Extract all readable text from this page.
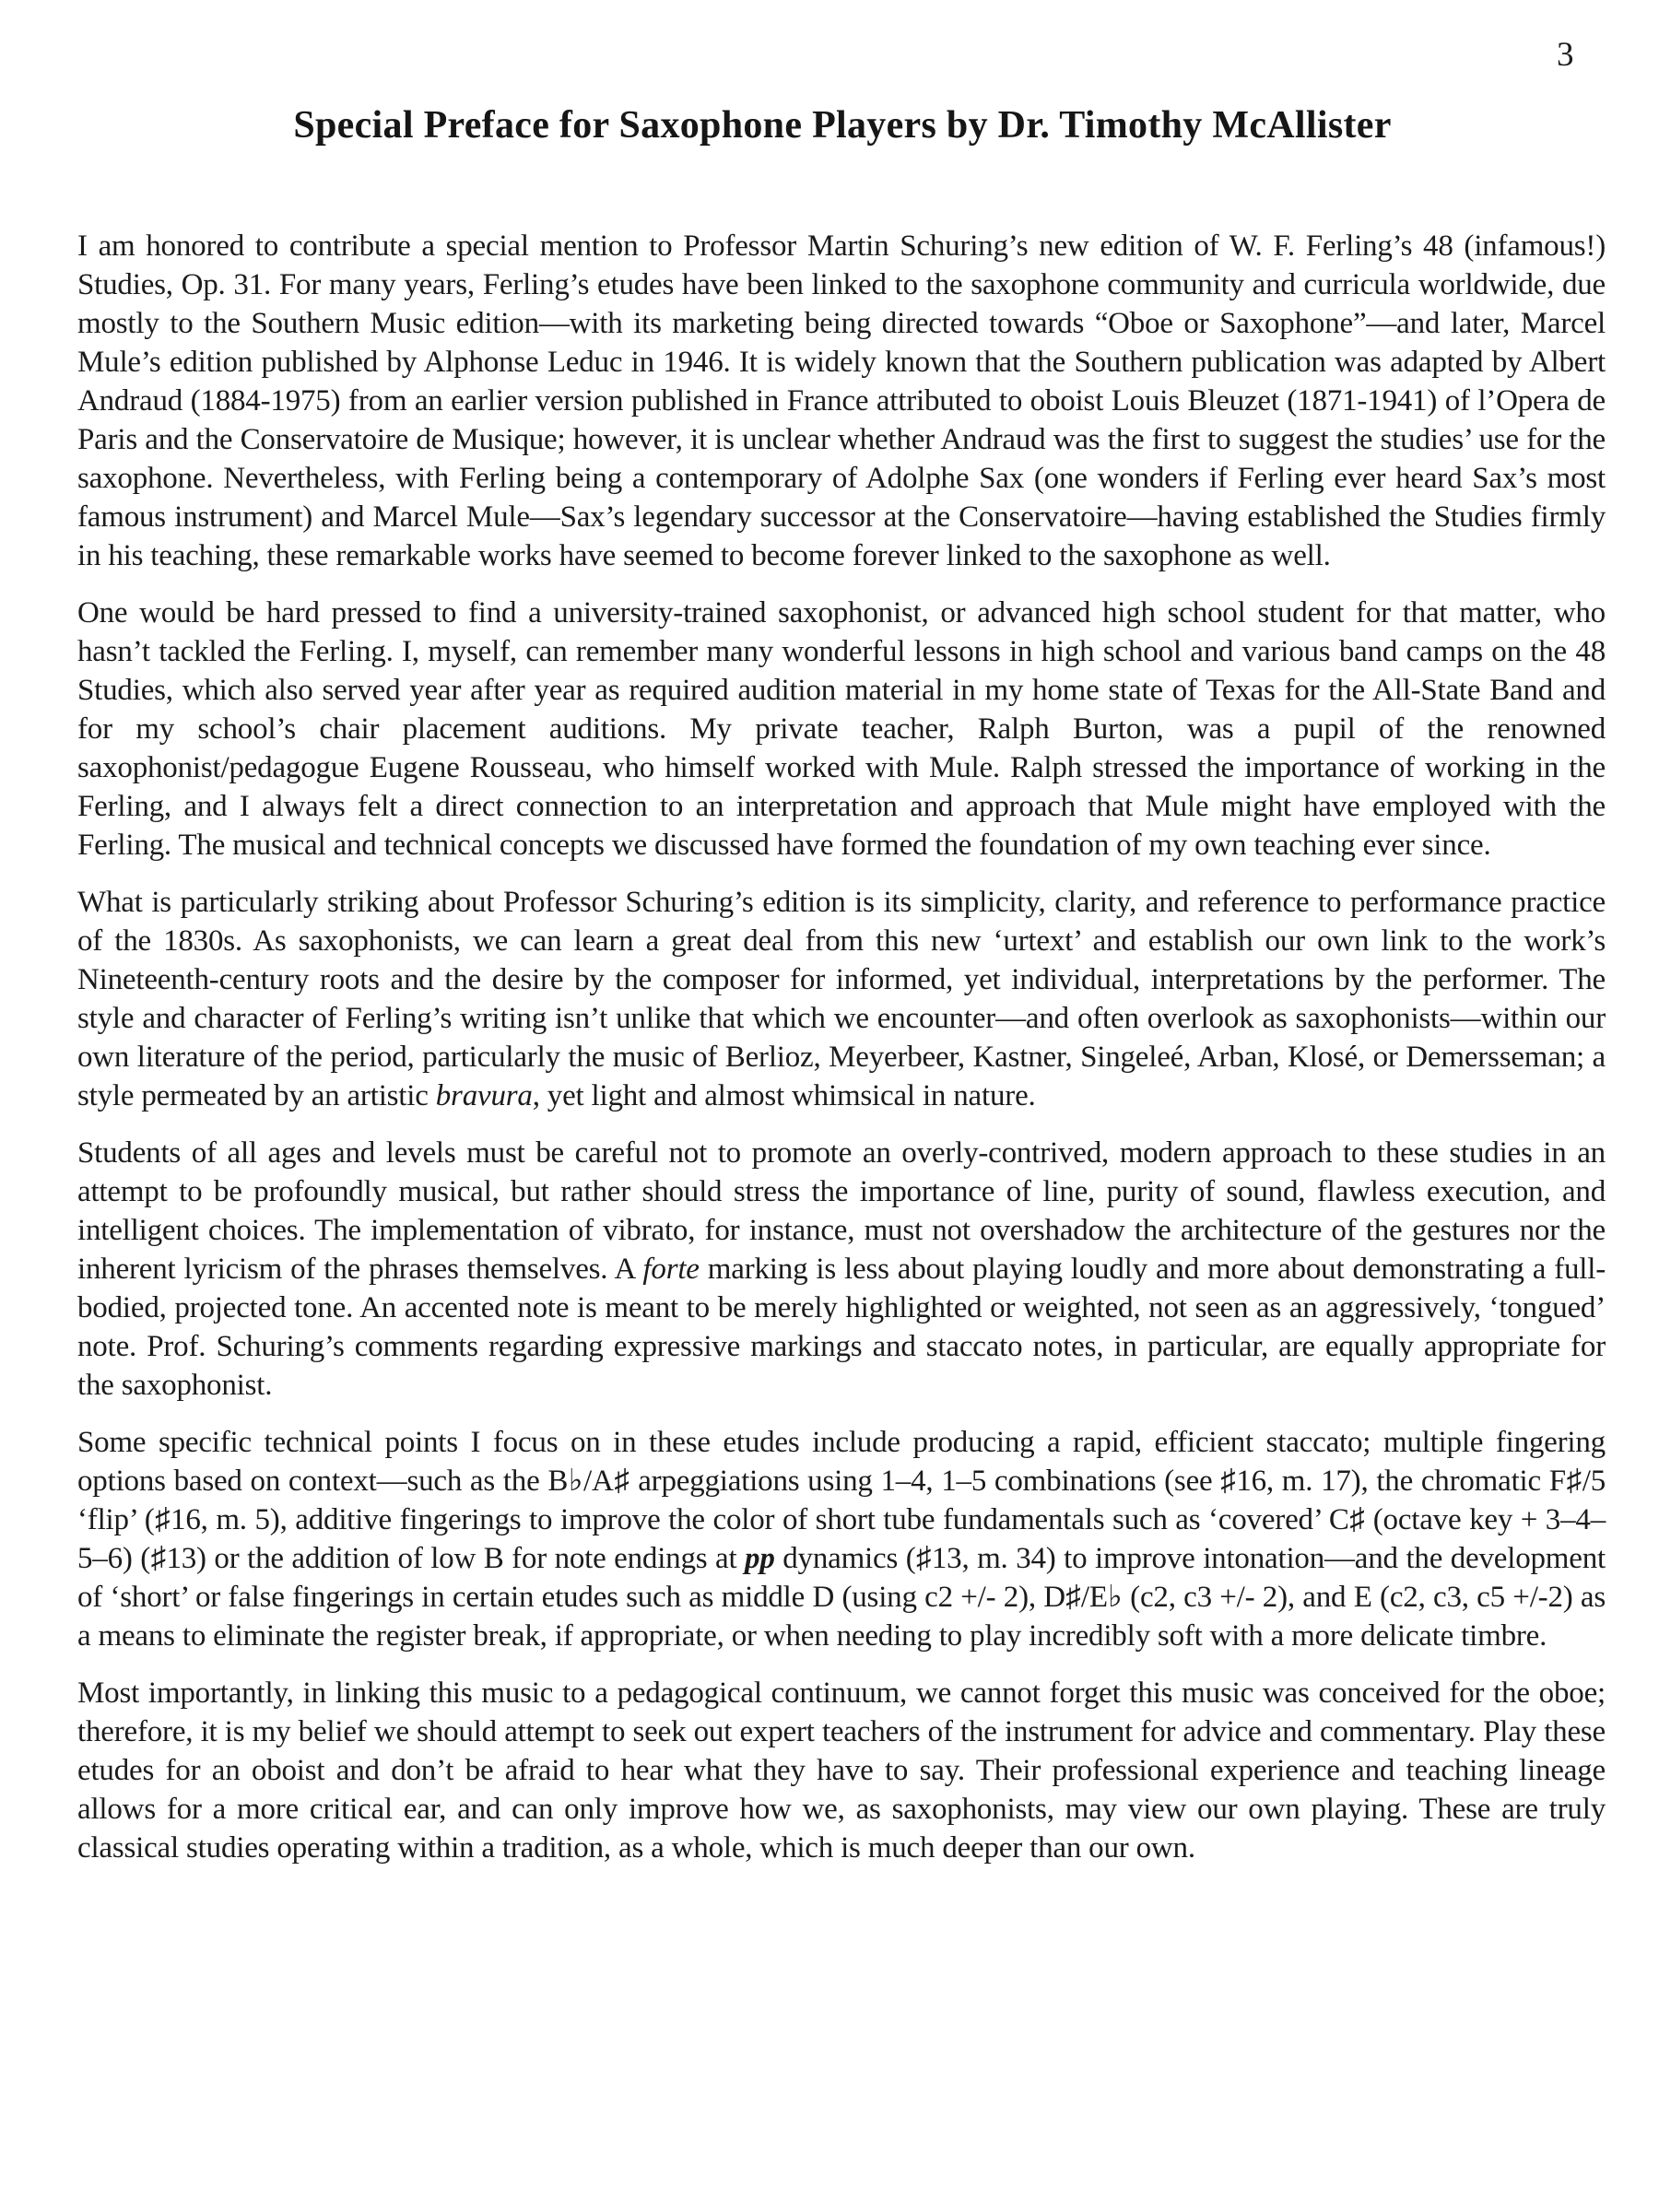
3
Special Preface for Saxophone Players by Dr. Timothy McAllister

I am honored to contribute a special mention to Professor Martin Schuring’s new edition of W. F. Ferling’s 48 (infamous!) Studies, Op. 31. For many years, Ferling’s etudes have been linked to the saxophone community and curricula worldwide, due mostly to the Southern Music edition—with its marketing being directed towards “Oboe or Saxophone”—and later, Marcel Mule’s edition published by Alphonse Leduc in 1946. It is widely known that the Southern publication was adapted by Albert Andraud (1884-1975) from an earlier version published in France attributed to oboist Louis Bleuzet (1871-1941) of l’Opera de Paris and the Conservatoire de Musique; however, it is unclear whether Andraud was the first to suggest the studies’ use for the saxophone. Nevertheless, with Ferling being a contemporary of Adolphe Sax (one wonders if Ferling ever heard Sax’s most famous instrument) and Marcel Mule—Sax’s legendary successor at the Conservatoire—having established the Studies firmly in his teaching, these remarkable works have seemed to become forever linked to the saxophone as well.

One would be hard pressed to find a university-trained saxophonist, or advanced high school student for that matter, who hasn’t tackled the Ferling. I, myself, can remember many wonderful lessons in high school and various band camps on the 48 Studies, which also served year after year as required audition material in my home state of Texas for the All-State Band and for my school’s chair placement auditions. My private teacher, Ralph Burton, was a pupil of the renowned saxophonist/pedagogue Eugene Rousseau, who himself worked with Mule. Ralph stressed the importance of working in the Ferling, and I always felt a direct connection to an interpretation and approach that Mule might have employed with the Ferling. The musical and technical concepts we discussed have formed the foundation of my own teaching ever since.

What is particularly striking about Professor Schuring’s edition is its simplicity, clarity, and reference to performance practice of the 1830s. As saxophonists, we can learn a great deal from this new ‘urtext’ and establish our own link to the work’s Nineteenth-century roots and the desire by the composer for informed, yet individual, interpretations by the performer. The style and character of Ferling’s writing isn’t unlike that which we encounter—and often overlook as saxophonists—within our own literature of the period, particularly the music of Berlioz, Meyerbeer, Kastner, Singeleé, Arban, Klosé, or Demersseman; a style permeated by an artistic bravura, yet light and almost whimsical in nature.

Students of all ages and levels must be careful not to promote an overly-contrived, modern approach to these studies in an attempt to be profoundly musical, but rather should stress the importance of line, purity of sound, flawless execution, and intelligent choices. The implementation of vibrato, for instance, must not overshadow the architecture of the gestures nor the inherent lyricism of the phrases themselves. A forte marking is less about playing loudly and more about demonstrating a full-bodied, projected tone. An accented note is meant to be merely highlighted or weighted, not seen as an aggressively, ‘tongued’ note. Prof. Schuring’s comments regarding expressive markings and staccato notes, in particular, are equally appropriate for the saxophonist.

Some specific technical points I focus on in these etudes include producing a rapid, efficient staccato; multiple fingering options based on context—such as the B♭/A♯ arpeggiations using 1–4, 1–5 combinations (see ♯16, m. 17), the chromatic F♯/5 ‘flip’ (♯16, m. 5), additive fingerings to improve the color of short tube fundamentals such as ‘covered’ C♯ (octave key + 3–4–5–6) (♯13) or the addition of low B for note endings at pp dynamics (♯13, m. 34) to improve intonation—and the development of ‘short’ or false fingerings in certain etudes such as middle D (using c2 +/- 2), D♯/E♭ (c2, c3 +/- 2), and E (c2, c3, c5 +/-2) as a means to eliminate the register break, if appropriate, or when needing to play incredibly soft with a more delicate timbre.

Most importantly, in linking this music to a pedagogical continuum, we cannot forget this music was conceived for the oboe; therefore, it is my belief we should attempt to seek out expert teachers of the instrument for advice and commentary. Play these etudes for an oboist and don’t be afraid to hear what they have to say. Their professional experience and teaching lineage allows for a more critical ear, and can only improve how we, as saxophonists, may view our own playing. These are truly classical studies operating within a tradition, as a whole, which is much deeper than our own.
